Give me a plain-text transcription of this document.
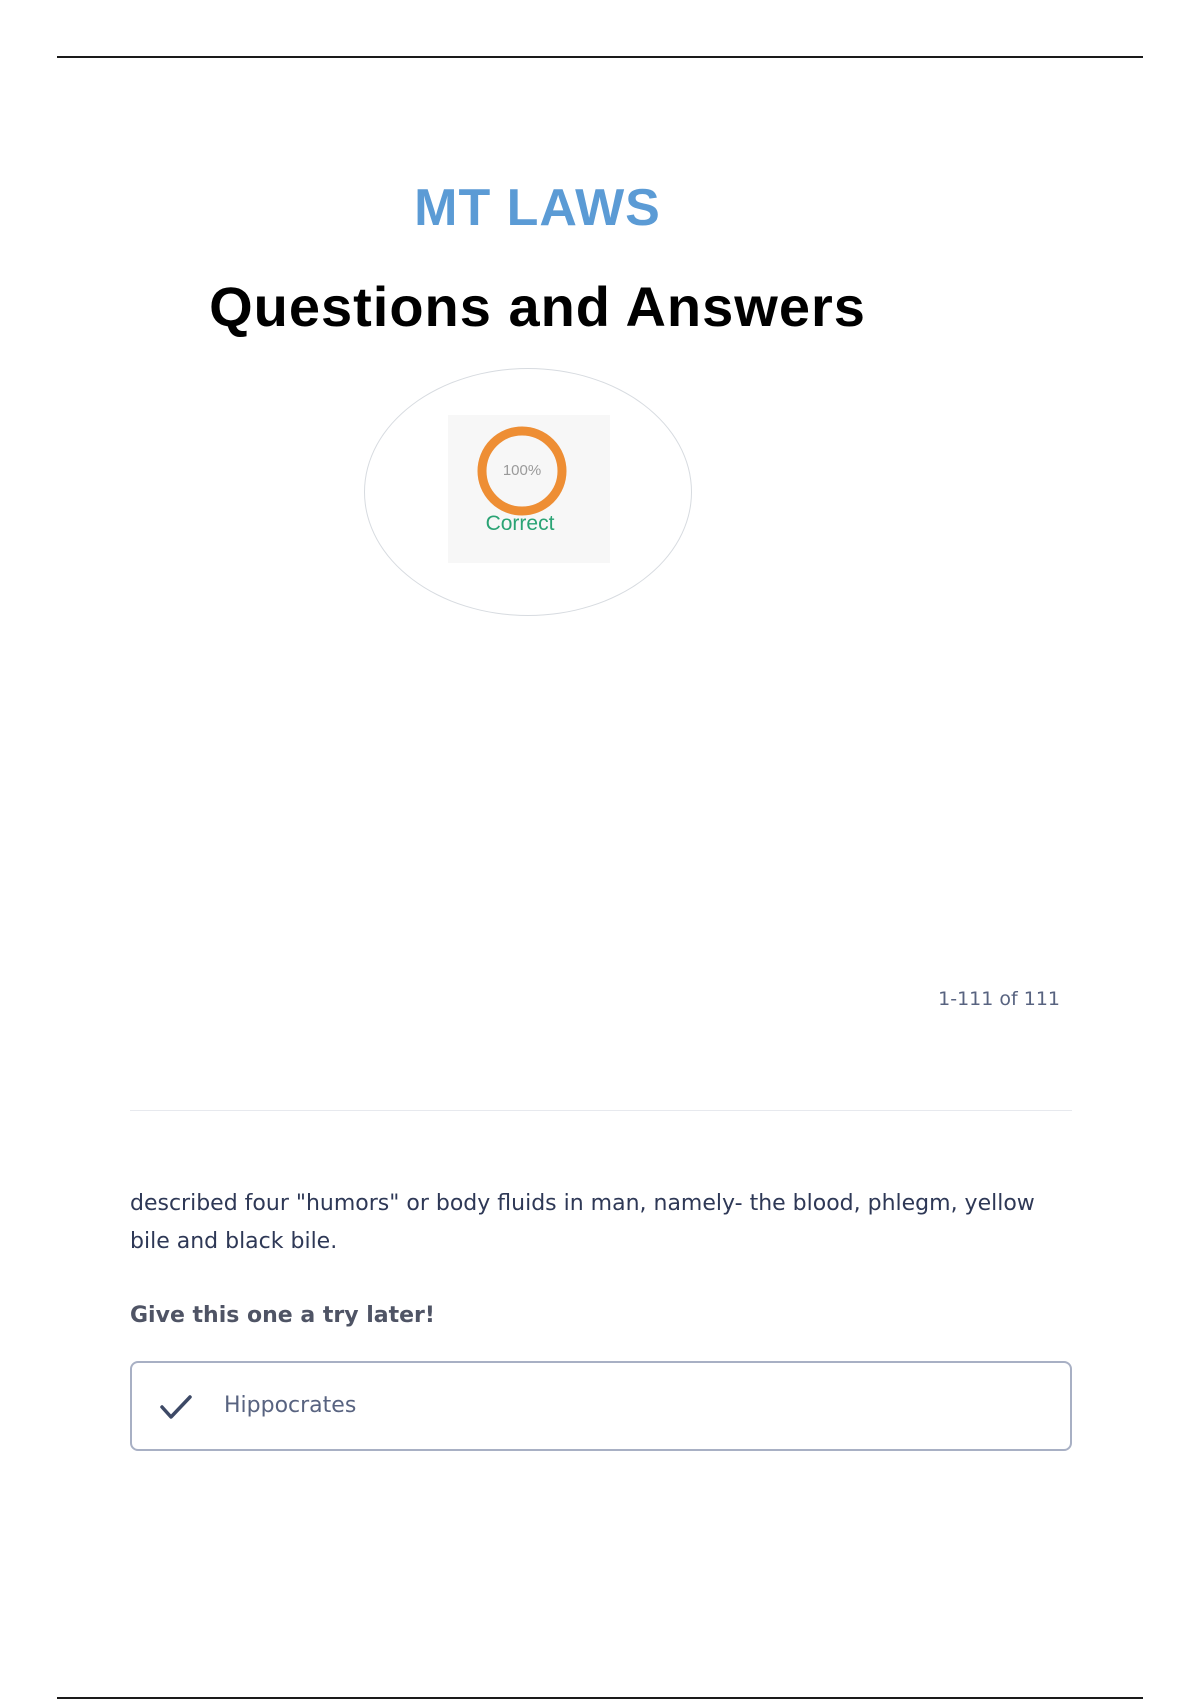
MT LAWS
Questions and Answers
100%
Correct
1-111 of 111
described four "humors" or body fluids in man, namely- the blood, phlegm, yellow bile and black bile.
Give this one a try later!
Hippocrates
